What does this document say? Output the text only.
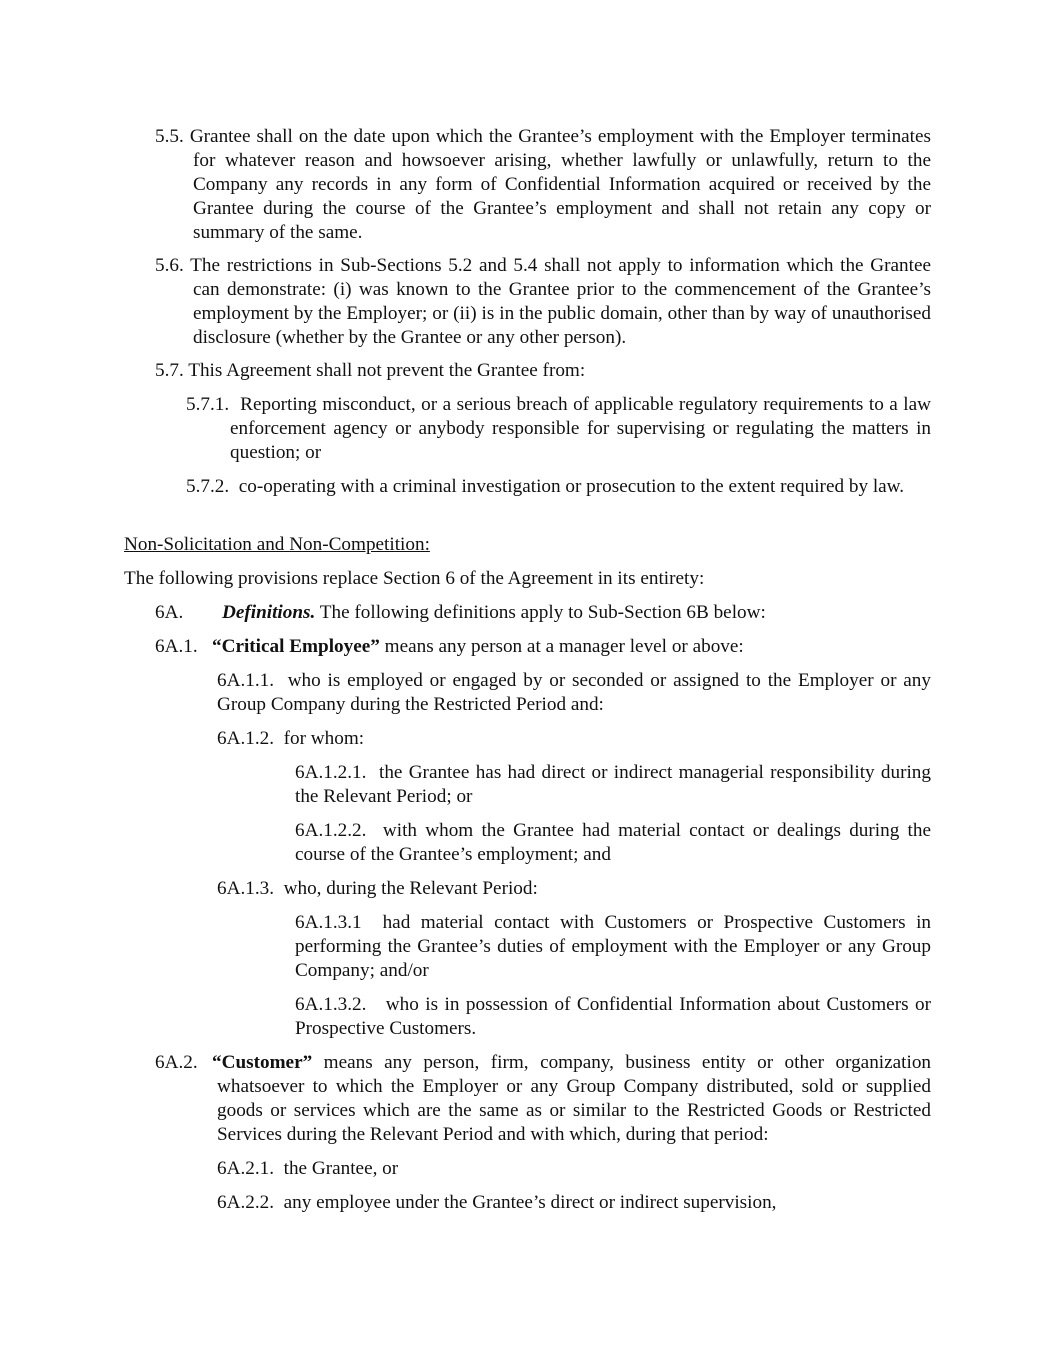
5.5. Grantee shall on the date upon which the Grantee’s employment with the Employer terminates for whatever reason and howsoever arising, whether lawfully or unlawfully, return to the Company any records in any form of Confidential Information acquired or received by the Grantee during the course of the Grantee’s employment and shall not retain any copy or summary of the same.

5.6. The restrictions in Sub-Sections 5.2 and 5.4 shall not apply to information which the Grantee can demonstrate: (i) was known to the Grantee prior to the commencement of the Grantee’s employment by the Employer; or (ii) is in the public domain, other than by way of unauthorised disclosure (whether by the Grantee or any other person).

5.7. This Agreement shall not prevent the Grantee from:

5.7.1. Reporting misconduct, or a serious breach of applicable regulatory requirements to a law enforcement agency or anybody responsible for supervising or regulating the matters in question; or

5.7.2. co-operating with a criminal investigation or prosecution to the extent required by law.

Non-Solicitation and Non-Competition:

The following provisions replace Section 6 of the Agreement in its entirety:

6A. Definitions. The following definitions apply to Sub-Section 6B below:

6A.1. “Critical Employee” means any person at a manager level or above:

6A.1.1. who is employed or engaged by or seconded or assigned to the Employer or any Group Company during the Restricted Period and:

6A.1.2. for whom:

6A.1.2.1. the Grantee has had direct or indirect managerial responsibility during the Relevant Period; or

6A.1.2.2. with whom the Grantee had material contact or dealings during the course of the Grantee’s employment; and

6A.1.3. who, during the Relevant Period:

6A.1.3.1 had material contact with Customers or Prospective Customers in performing the Grantee’s duties of employment with the Employer or any Group Company; and/or

6A.1.3.2. who is in possession of Confidential Information about Customers or Prospective Customers.

6A.2. “Customer” means any person, firm, company, business entity or other organization whatsoever to which the Employer or any Group Company distributed, sold or supplied goods or services which are the same as or similar to the Restricted Goods or Restricted Services during the Relevant Period and with which, during that period:

6A.2.1. the Grantee, or

6A.2.2. any employee under the Grantee’s direct or indirect supervision,
